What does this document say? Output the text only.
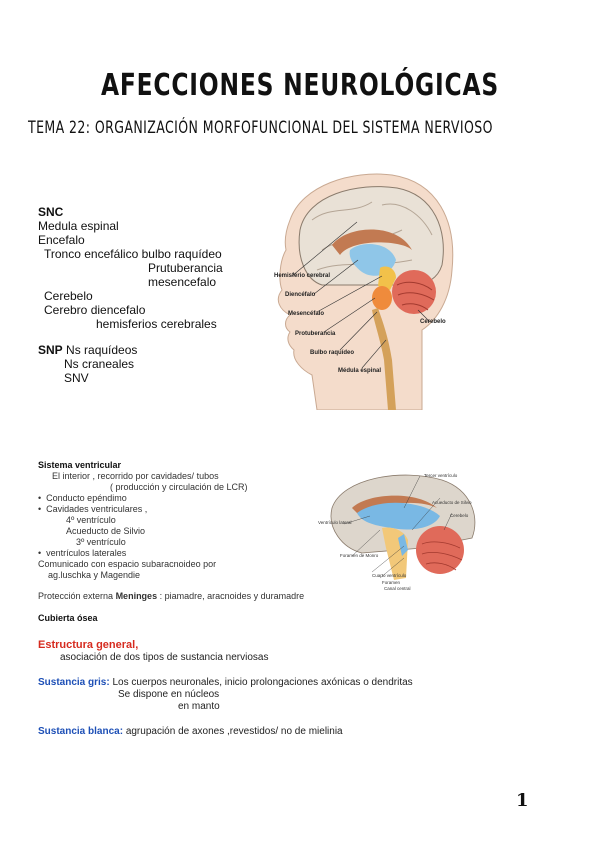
AFECCIONES NEUROLÓGICAS
TEMA 22: ORGANIZACIÓN MORFOFUNCIONAL DEL SISTEMA NERVIOSO
SNC
Medula espinal
Encefalo
Tronco encefálico bulbo raquídeo
Prutuberancia
mesencefalo
Cerebelo
Cerebro diencefalo
hemisferios cerebrales
SNP Ns raquídeos
Ns craneales
SNV
Hemisferio cerebral
Diencéfalo
Mesencéfalo
Protuberancia
Bulbo raquídeo
Médula espinal
Cerebelo
Sistema ventricular
El interior , recorrido por cavidades/ tubos
( producción y circulación de LCR)
•  Conducto epéndimo
•  Cavidades ventriculares ,
4º ventrículo
Acueducto de Silvio
3º ventrículo
•  ventrículos laterales
Comunicado con espacio subaracnoideo por
ag.luschka y Magendie
Protección externa Meninges : piamadre, aracnoides y duramadre
Cubierta ósea
Tercer ventrículo
Acueducto de Silvio
Cerebelo
Ventrículo lateral
Foramen de Monro
Cuarto ventrículo
Foramen
Canal central
Estructura general,
asociación de dos tipos de sustancia nerviosas
Sustancia gris: Los cuerpos neuronales, inicio prolongaciones axónicas o dendritas
Se dispone en núcleos
en manto
Sustancia blanca: agrupación de axones ,revestidos/ no de mielinia
1
